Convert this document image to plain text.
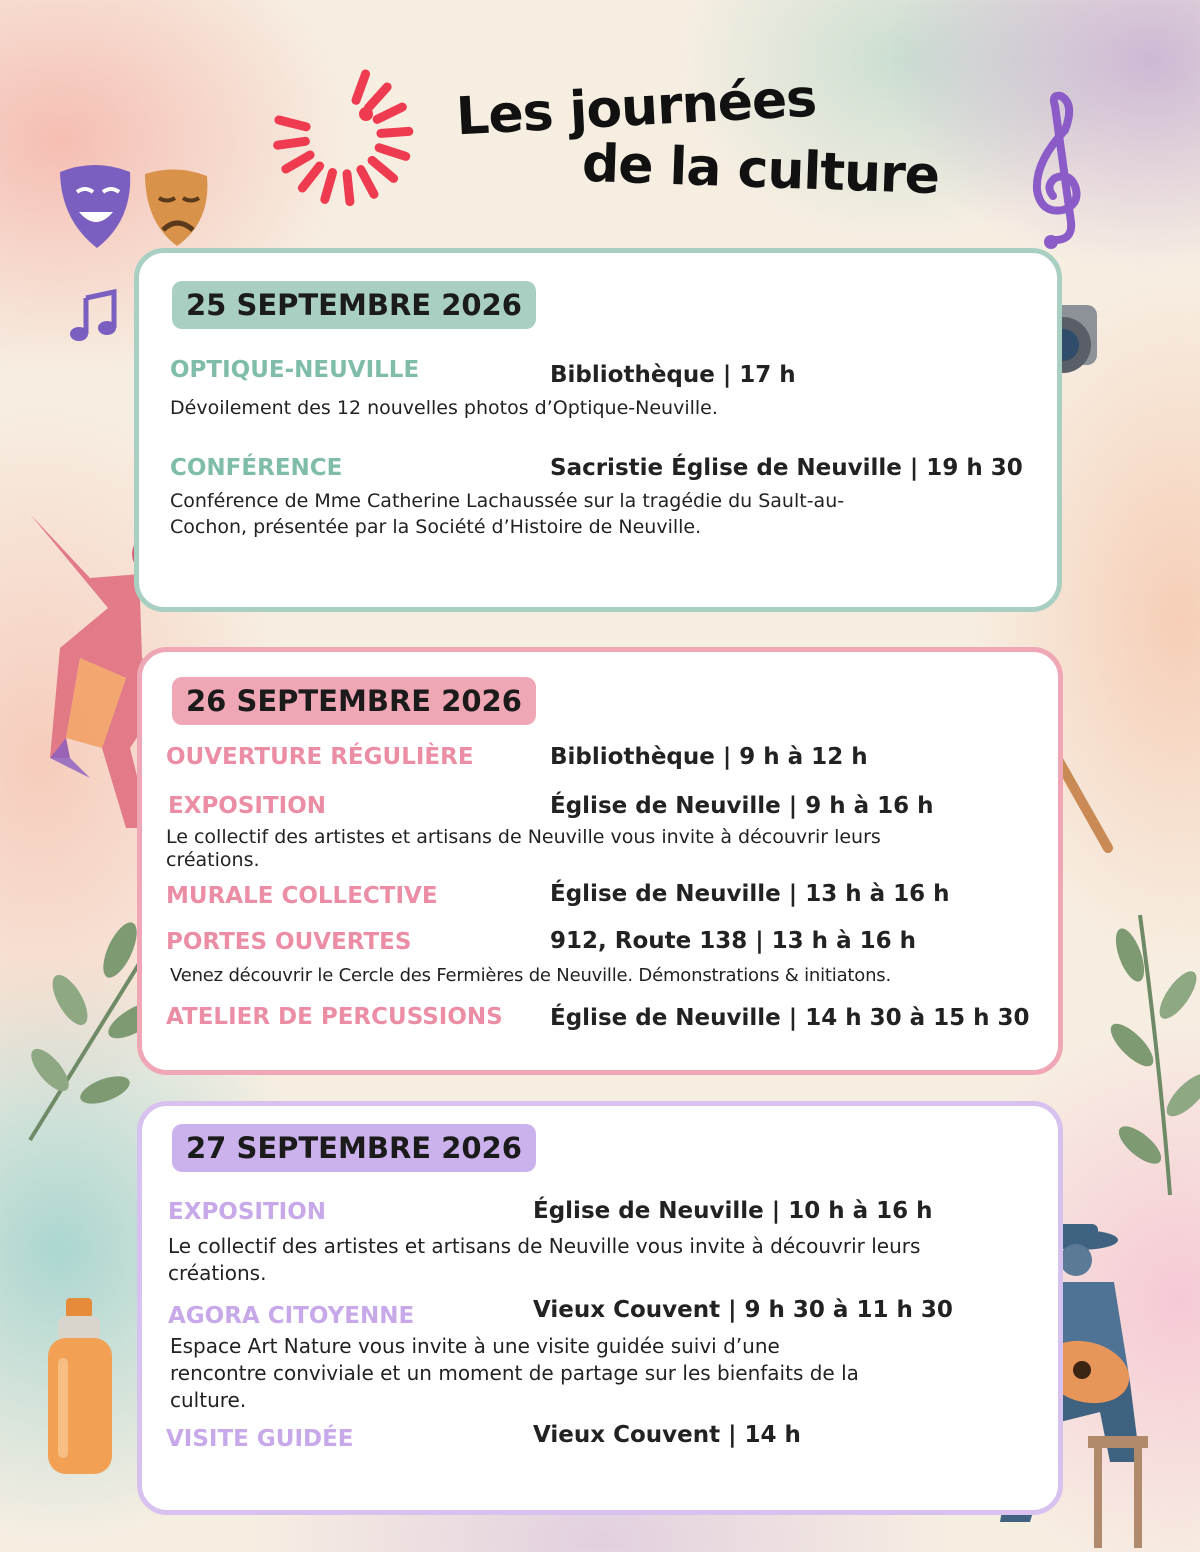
Les journées
de la culture
25 SEPTEMBRE 2026
OPTIQUE-NEUVILLE	Bibliothèque | 17 h
Dévoilement des 12 nouvelles photos d’Optique-Neuville.
CONFÉRENCE	Sacristie Église de Neuville | 19 h 30
Conférence de Mme Catherine Lachaussée sur la tragédie du Sault-au-
Cochon, présentée par la Société d’Histoire de Neuville.
26 SEPTEMBRE 2026
OUVERTURE RÉGULIÈRE	Bibliothèque | 9 h à 12 h
EXPOSITION	Église de Neuville | 9 h à 16 h
Le collectif des artistes et artisans de Neuville vous invite à découvrir leurs
créations.
MURALE COLLECTIVE	Église de Neuville | 13 h à 16 h
PORTES OUVERTES	912, Route 138 | 13 h à 16 h
Venez découvrir le Cercle des Fermières de Neuville. Démonstrations & initiatons.
ATELIER DE PERCUSSIONS Église de Neuville | 14 h 30 à 15 h 30
27 SEPTEMBRE 2026
EXPOSITION	Église de Neuville | 10 h à 16 h
Le collectif des artistes et artisans de Neuville vous invite à découvrir leurs
créations.
AGORA CITOYENNE	Vieux Couvent | 9 h 30 à 11 h 30
Espace Art Nature vous invite à une visite guidée suivi d’une
rencontre conviviale et un moment de partage sur les bienfaits de la
culture.
VISITE GUIDÉE	Vieux Couvent | 14 h
